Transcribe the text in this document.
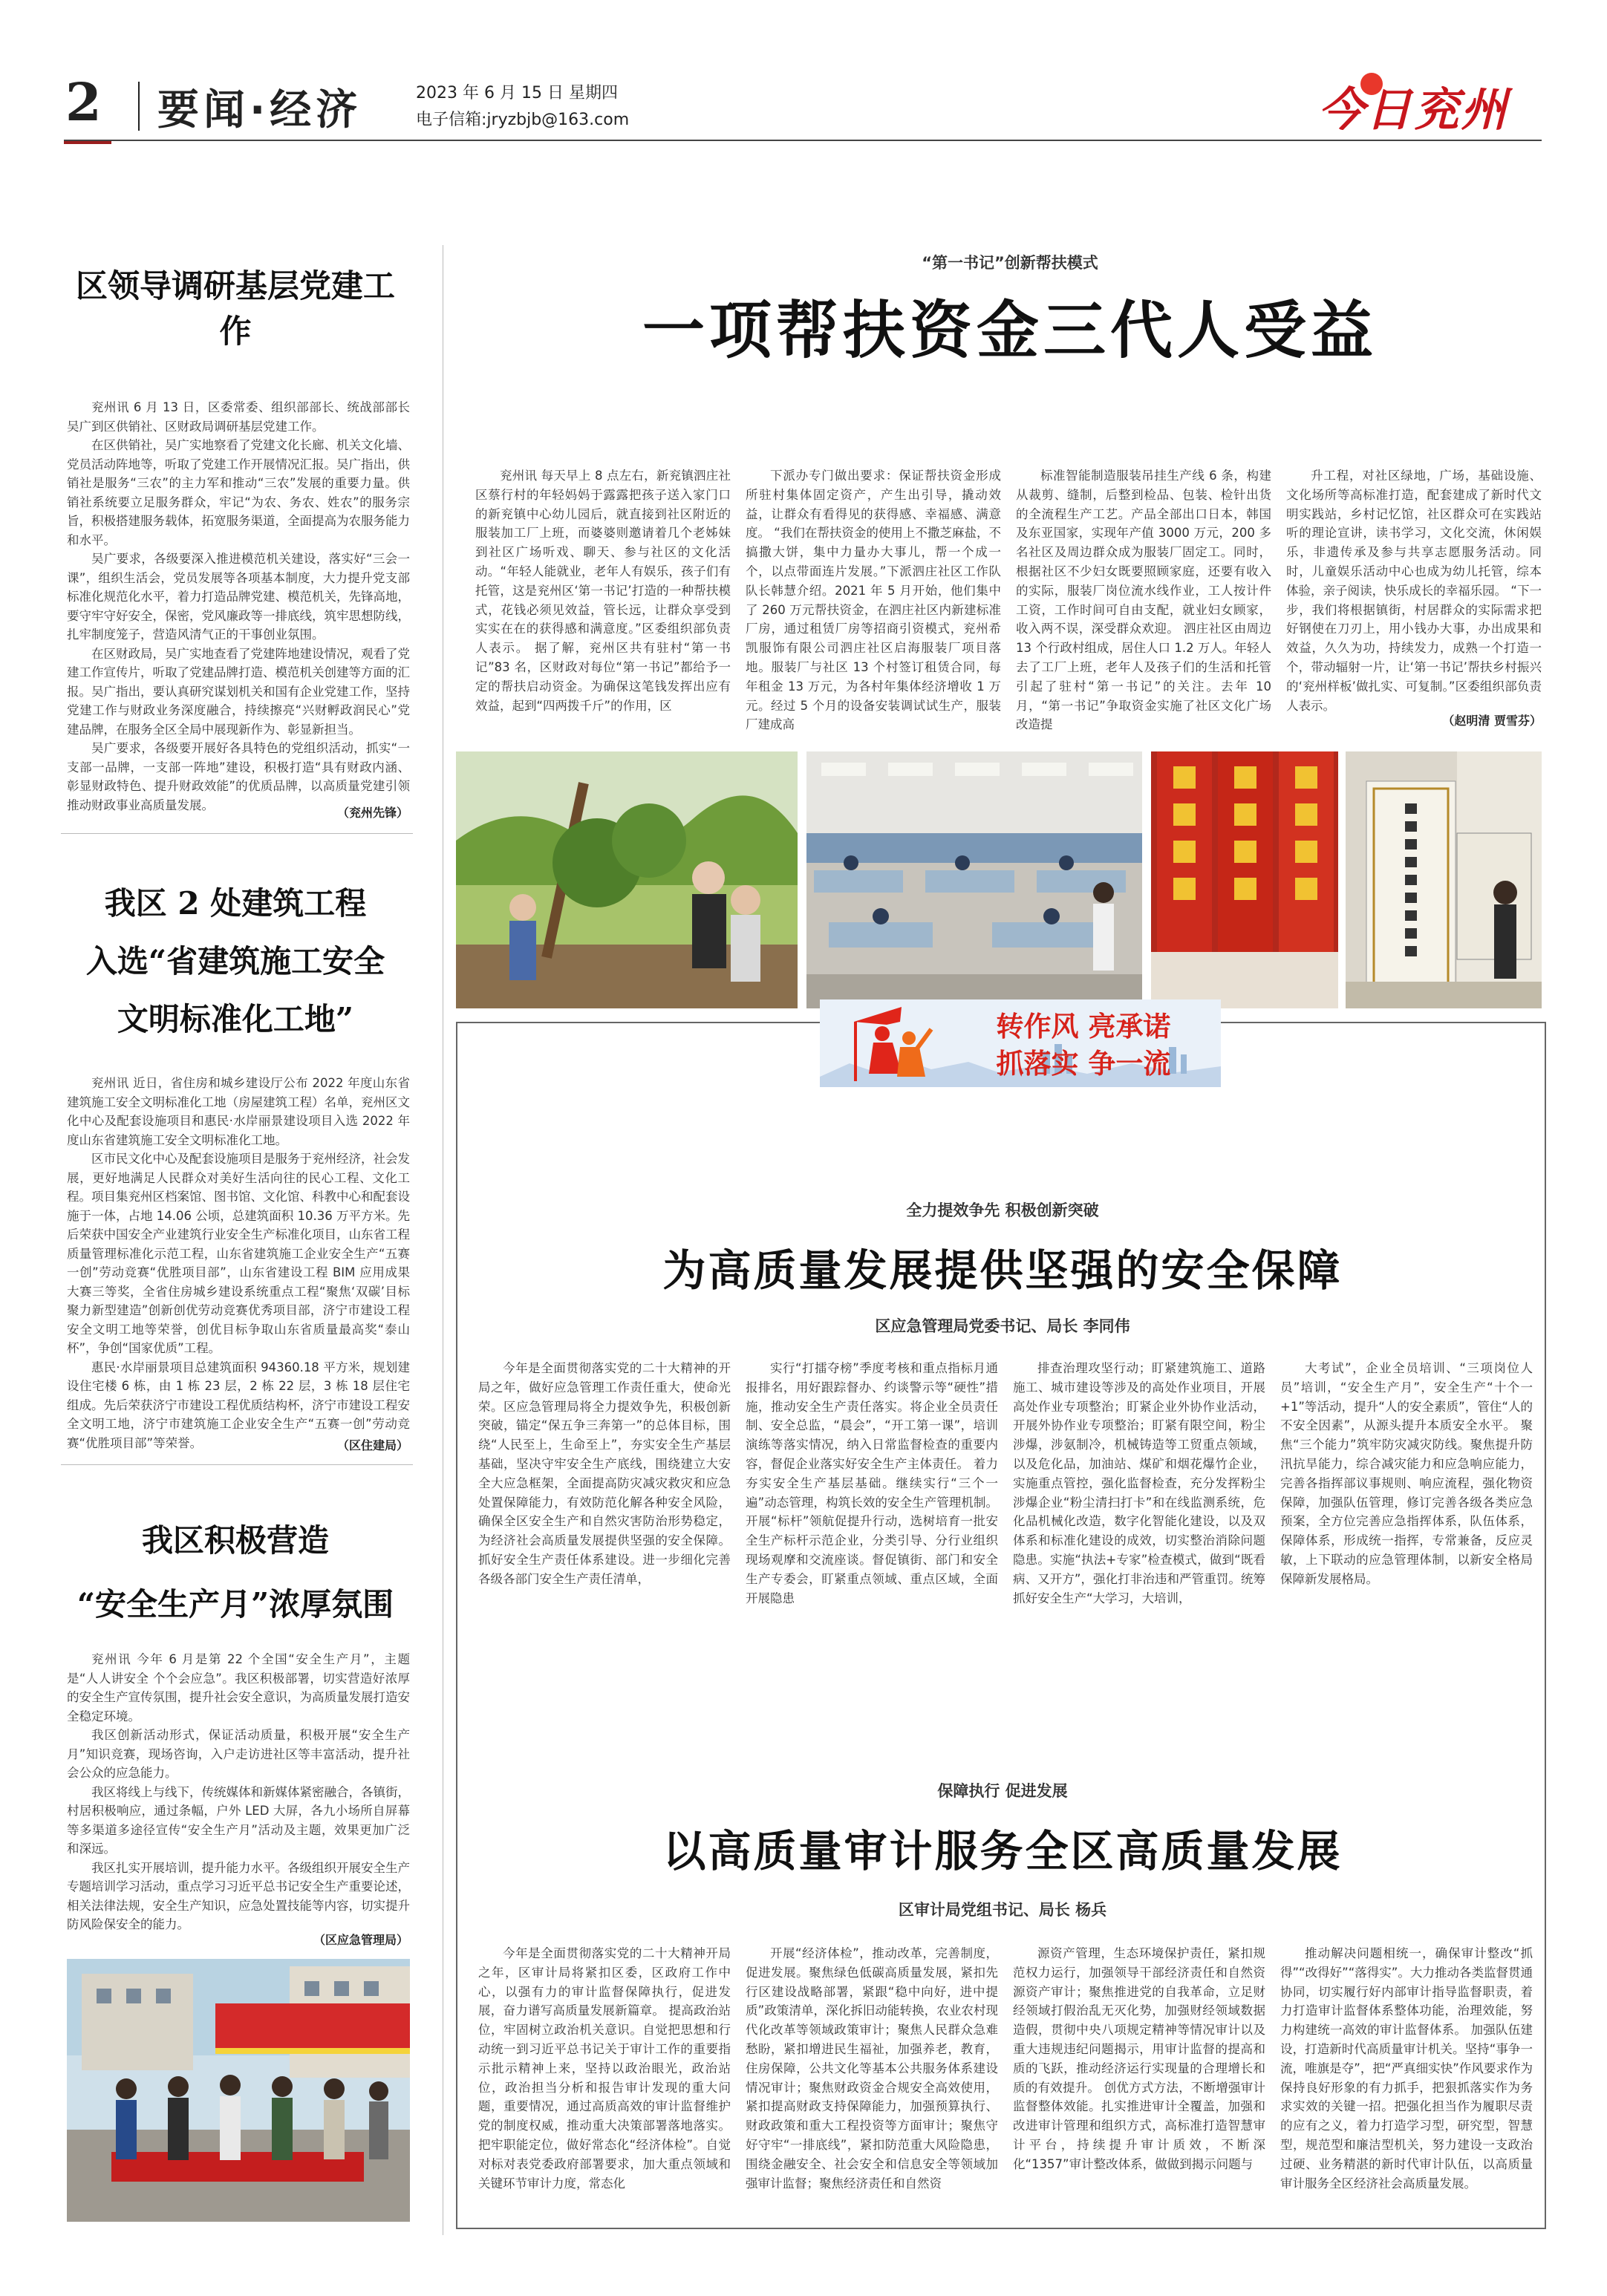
2 要闻·经济	2023 年 6 月 15 日 星期四
电子信箱:jryzbjb@163.com	今日兖州
区领导调研基层党建工作

兖州讯 6 月 13 日，区委常委、组织部部长、统战部部长吴广到区供销社、区财政局调研基层党建工作。

在区供销社，吴广实地察看了党建文化长廊、机关文化墙、党员活动阵地等，听取了党建工作开展情况汇报。吴广指出，供销社是服务“三农”的主力军和推动“三农”发展的重要力量。供销社系统要立足服务群众，牢记“为农、务农、姓农”的服务宗旨，积极搭建服务载体，拓宽服务渠道，全面提高为农服务能力和水平。

吴广要求，各级要深入推进模范机关建设，落实好“三会一课”，组织生活会，党员发展等各项基本制度，大力提升党支部标准化规范化水平，着力打造品牌党建、模范机关，先锋高地，要守牢守好安全，保密，党风廉政等一排底线，筑牢思想防线，扎牢制度笼子，营造风清气正的干事创业氛围。

在区财政局，吴广实地查看了党建阵地建设情况，观看了党建工作宣传片，听取了党建品牌打造、模范机关创建等方面的汇报。吴广指出，要认真研究谋划机关和国有企业党建工作，坚持党建工作与财政业务深度融合，持续擦亮“兴财孵政润民心”党建品牌，在服务全区全局中展现新作为、彰显新担当。

吴广要求，各级要开展好各具特色的党组织活动，抓实“一支部一品牌，一支部一阵地”建设，积极打造“具有财政内涵、彰显财政特色、提升财政效能”的优质品牌，以高质量党建引领推动财政事业高质量发展。

（兖州先锋）
我区 2 处建筑工程
入选“省建筑施工安全
文明标准化工地”

兖州讯 近日，省住房和城乡建设厅公布 2022 年度山东省建筑施工安全文明标准化工地（房屋建筑工程）名单，兖州区文化中心及配套设施项目和惠民·水岸丽景建设项目入选 2022 年度山东省建筑施工安全文明标准化工地。

区市民文化中心及配套设施项目是服务于兖州经济，社会发展，更好地满足人民群众对美好生活向往的民心工程、文化工程。项目集兖州区档案馆、图书馆、文化馆、科教中心和配套设施于一体，占地 14.06 公顷，总建筑面积 10.36 万平方米。先后荣获中国安全产业建筑行业安全生产标准化项目，山东省工程质量管理标准化示范工程，山东省建筑施工企业安全生产“五赛一创”劳动竞赛“优胜项目部”，山东省建设工程 BIM 应用成果大赛三等奖，全省住房城乡建设系统重点工程“聚焦‘双碳’目标聚力新型建造”创新创优劳动竞赛优秀项目部，济宁市建设工程安全文明工地等荣誉，创优目标争取山东省质量最高奖“泰山杯”，争创“国家优质”工程。

惠民·水岸丽景项目总建筑面积 94360.18 平方米，规划建设住宅楼 6 栋，由 1 栋 23 层，2 栋 22 层，3 栋 18 层住宅组成。先后荣获济宁市建设工程优质结构杯，济宁市建设工程安全文明工地，济宁市建筑施工企业安全生产“五赛一创”劳动竞赛“优胜项目部”等荣誉。	（区住建局）
我区积极营造
“安全生产月”浓厚氛围

兖州讯 今年 6 月是第 22 个全国“安全生产月”，主题是“人人讲安全 个个会应急”。我区积极部署，切实营造好浓厚的安全生产宣传氛围，提升社会安全意识，为高质量发展打造安全稳定环境。

我区创新活动形式，保证活动质量，积极开展“安全生产月”知识竞赛，现场咨询，入户走访进社区等丰富活动，提升社会公众的应急能力。

我区将线上与线下，传统媒体和新媒体紧密融合，各镇街，村居积极响应，通过条幅，户外 LED 大屏，各九小场所自屏幕等多渠道多途径宣传“安全生产月”活动及主题，效果更加广泛和深远。

我区扎实开展培训，提升能力水平。各级组织开展安全生产专题培训学习活动，重点学习习近平总书记安全生产重要论述，相关法律法规，安全生产知识，应急处置技能等内容，切实提升防风险保安全的能力。

（区应急管理局）
“第一书记”创新帮扶模式
一项帮扶资金三代人受益

兖州讯 每天早上 8 点左右，新兖镇泗庄社区蔡行村的年轻妈妈于露露把孩子送入家门口的新兖镇中心幼儿园后，就直接到社区附近的服装加工厂上班，而婆婆则邀请着几个老姊妹到社区广场听戏、聊天、参与社区的文化活动。“年轻人能就业，老年人有娱乐，孩子们有托管，这是兖州区‘第一书记’打造的一种帮扶模式，花钱必须见效益，管长远，让群众享受到实实在在的获得感和满意度。”区委组织部负责人表示。 据了解，兖州区共有驻村“第一书记”83 名，区财政对每位“第一书记”都给予一定的帮扶启动资金。为确保这笔钱发挥出应有效益，起到“四两拨千斤”的作用，区

下派办专门做出要求：保证帮扶资金形成所驻村集体固定资产，产生出引导，撬动效益，让群众有看得见的获得感、幸福感、满意度。 “我们在帮扶资金的使用上不撒芝麻盐，不搞撒大饼，集中力量办大事儿，帮一个成一个，以点带面连片发展。”下派泗庄社区工作队队长韩慧介绍。2021 年 5 月开始，他们集中了 260 万元帮扶资金，在泗庄社区内新建标准厂房，通过租赁厂房等招商引资模式，兖州希凯服饰有限公司泗庄社区启海服装厂项目落地。服装厂与社区 13 个村签订租赁合同，每年租金 13 万元，为各村年集体经济增收 1 万元。经过 5 个月的设备安装调试试生产，服装厂建成高

标准智能制造服装吊挂生产线 6 条，构建从裁剪、缝制，后整到检品、包装、检针出货的全流程生产工艺。产品全部出口日本，韩国及东亚国家，实现年产值 3000 万元，200 多名社区及周边群众成为服装厂固定工。同时，根据社区不少妇女既要照顾家庭，还要有收入的实际，服装厂岗位流水线作业，工人按计件工资，工作时间可自由支配，就业妇女顾家，收入两不误，深受群众欢迎。 泗庄社区由周边 13 个行政村组成，居住人口 1.2 万人。年轻人去了工厂上班，老年人及孩子们的生活和托管引起了驻村“第一书记”的关注。去年 10 月，“第一书记”争取资金实施了社区文化广场改造提

升工程，对社区绿地，广场，基础设施、文化场所等高标准打造，配套建成了新时代文明实践站，乡村记忆馆，社区群众可在实践站听的理论宣讲，读书学习，文化交流，休闲娱乐，非遗传承及参与共享志愿服务活动。同时，儿童娱乐活动中心也成为幼儿托管，综本体验，亲子阅读，快乐成长的幸福乐园。 “下一步，我们将根据镇街，村居群众的实际需求把好钢使在刀刃上，用小钱办大事，办出成果和效益，久久为功，持续发力，成熟一个打造一个，带动辐射一片，让‘第一书记’帮扶乡村振兴的‘兖州样板’做扎实、可复制。”区委组织部负责人表示。

（赵明清 贾雪芬）
转作风 亮承诺
抓落实 争一流
全力提效争先 积极创新突破
为高质量发展提供坚强的安全保障
区应急管理局党委书记、局长 李同伟

今年是全面贯彻落实党的二十大精神的开局之年，做好应急管理工作责任重大，使命光荣。区应急管理局将全力提效争先，积极创新突破，锚定“保五争三奔第一”的总体目标，围绕“人民至上，生命至上”，夯实安全生产基层基础，坚决守牢安全生产底线，围绕建立大安全大应急框架，全面提高防灾减灾救灾和应急处置保障能力，有效防范化解各种安全风险，确保全区安全生产和自然灾害防治形势稳定，为经济社会高质量发展提供坚强的安全保障。 抓好安全生产责任体系建设。进一步细化完善各级各部门安全生产责任清单，

实行“打擂夺榜”季度考核和重点指标月通报排名，用好跟踪督办、约谈警示等“硬性”措施，推动安全生产责任落实。将企业全员责任制、安全总监，“晨会”，“开工第一课”，培训演练等落实情况，纳入日常监督检查的重要内容，督促企业落实好安全生产主体责任。 着力夯实安全生产基层基础。继续实行“三个一遍”动态管理，构筑长效的安全生产管理机制。开展“标杆”领航促提升行动，选树培育一批安全生产标杆示范企业，分类引导、分行业组织现场观摩和交流座谈。督促镇街、部门和安全生产专委会，盯紧重点领域、重点区域，全面开展隐患

排查治理攻坚行动；盯紧建筑施工、道路施工、城市建设等涉及的高处作业项目，开展高处作业专项整治；盯紧企业外协作业活动，开展外协作业专项整治；盯紧有限空间，粉尘涉爆，涉氨制冷，机械铸造等工贸重点领域，以及危化品，加油站、煤矿和烟花爆竹企业，实施重点管控，强化监督检查，充分发挥粉尘涉爆企业“粉尘清扫打卡”和在线监测系统，危化品机械化改造，数字化智能化建设，以及双体系和标准化建设的成效，切实整治消除问题隐患。实施“执法+专家”检查模式，做到“既看病、又开方”，强化打非治违和严管重罚。统筹抓好安全生产“大学习，大培训，

大考试”，企业全员培训、“三项岗位人员”培训，“安全生产月”，安全生产“十个一+1”等活动，提升“人的安全素质”，管住“人的不安全因素”，从源头提升本质安全水平。 聚焦“三个能力”筑牢防灾减灾防线。聚焦提升防汛抗旱能力，综合减灾能力和应急响应能力，完善各指挥部议事规则、响应流程，强化物资保障，加强队伍管理，修订完善各级各类应急预案，全方位完善应急指挥体系，队伍体系，保障体系，形成统一指挥，专常兼备，反应灵敏，上下联动的应急管理体制，以新安全格局保障新发展格局。

保障执行 促进发展
以高质量审计服务全区高质量发展
区审计局党组书记、局长 杨兵

今年是全面贯彻落实党的二十大精神开局之年，区审计局将紧扣区委，区政府工作中心，以强有力的审计监督保障执行，促进发展，奋力谱写高质量发展新篇章。 提高政治站位，牢固树立政治机关意识。自觉把思想和行动统一到习近平总书记关于审计工作的重要指示批示精神上来，坚持以政治眼光，政治站位，政治担当分析和报告审计发现的重大问题，重要情况，通过高质高效的审计监督维护党的制度权威，推动重大决策部署落地落实。 把牢职能定位，做好常态化“经济体检”。自觉对标对表党委政府部署要求，加大重点领域和关键环节审计力度，常态化

开展“经济体检”，推动改革，完善制度，促进发展。聚焦绿色低碳高质量发展，紧扣先行区建设战略部署，紧跟“稳中向好，进中提质”政策清单，深化拆旧动能转换，农业农村现代化改革等领域政策审计；聚焦人民群众急难愁盼，紧扣增进民生福祉，加强养老，教育，住房保障，公共文化等基本公共服务体系建设情况审计；聚焦财政资金合规安全高效使用，紧扣提高财政支持保障能力，加强预算执行、财政政策和重大工程投资等方面审计；聚焦守好守牢“一排底线”，紧扣防范重大风险隐患，围绕金融安全、社会安全和信息安全等领域加强审计监督；聚焦经济责任和自然资

源资产管理，生态环境保护责任，紧扣规范权力运行，加强领导干部经济责任和自然资源资产审计；聚焦推进党的自我革命，立足财经领域打假治乱无灭化势，加强财经领域数据造假，贯彻中央八项规定精神等情况审计以及重大违规违纪问题揭示，用审计监督的提高和质的飞跃，推动经济运行实现量的合理增长和质的有效提升。 创优方式方法，不断增强审计监督整体效能。扎实推进审计全覆盖，加强和改进审计管理和组织方式，高标准打造智慧审计平台，持续提升审计质效，不断深化“1357”审计整改体系，做做到揭示问题与

推动解决问题相统一，确保审计整改“抓得”“改得好”“落得实”。大力推动各类监督贯通协同，切实履行好内部审计指导监督职责，着力打造审计监督体系整体功能，治理效能，努力构建统一高效的审计监督体系。 加强队伍建设，打造新时代高质量审计机关。坚持“事争一流，唯旗是夺”，把“严真细实快”作风要求作为保持良好形象的有力抓手，把狠抓落实作为务求实效的关键一招。把强化担当作为履职尽责的应有之义，着力打造学习型，研究型，智慧型，规范型和廉洁型机关，努力建设一支政治过硬、业务精湛的新时代审计队伍，以高质量审计服务全区经济社会高质量发展。
